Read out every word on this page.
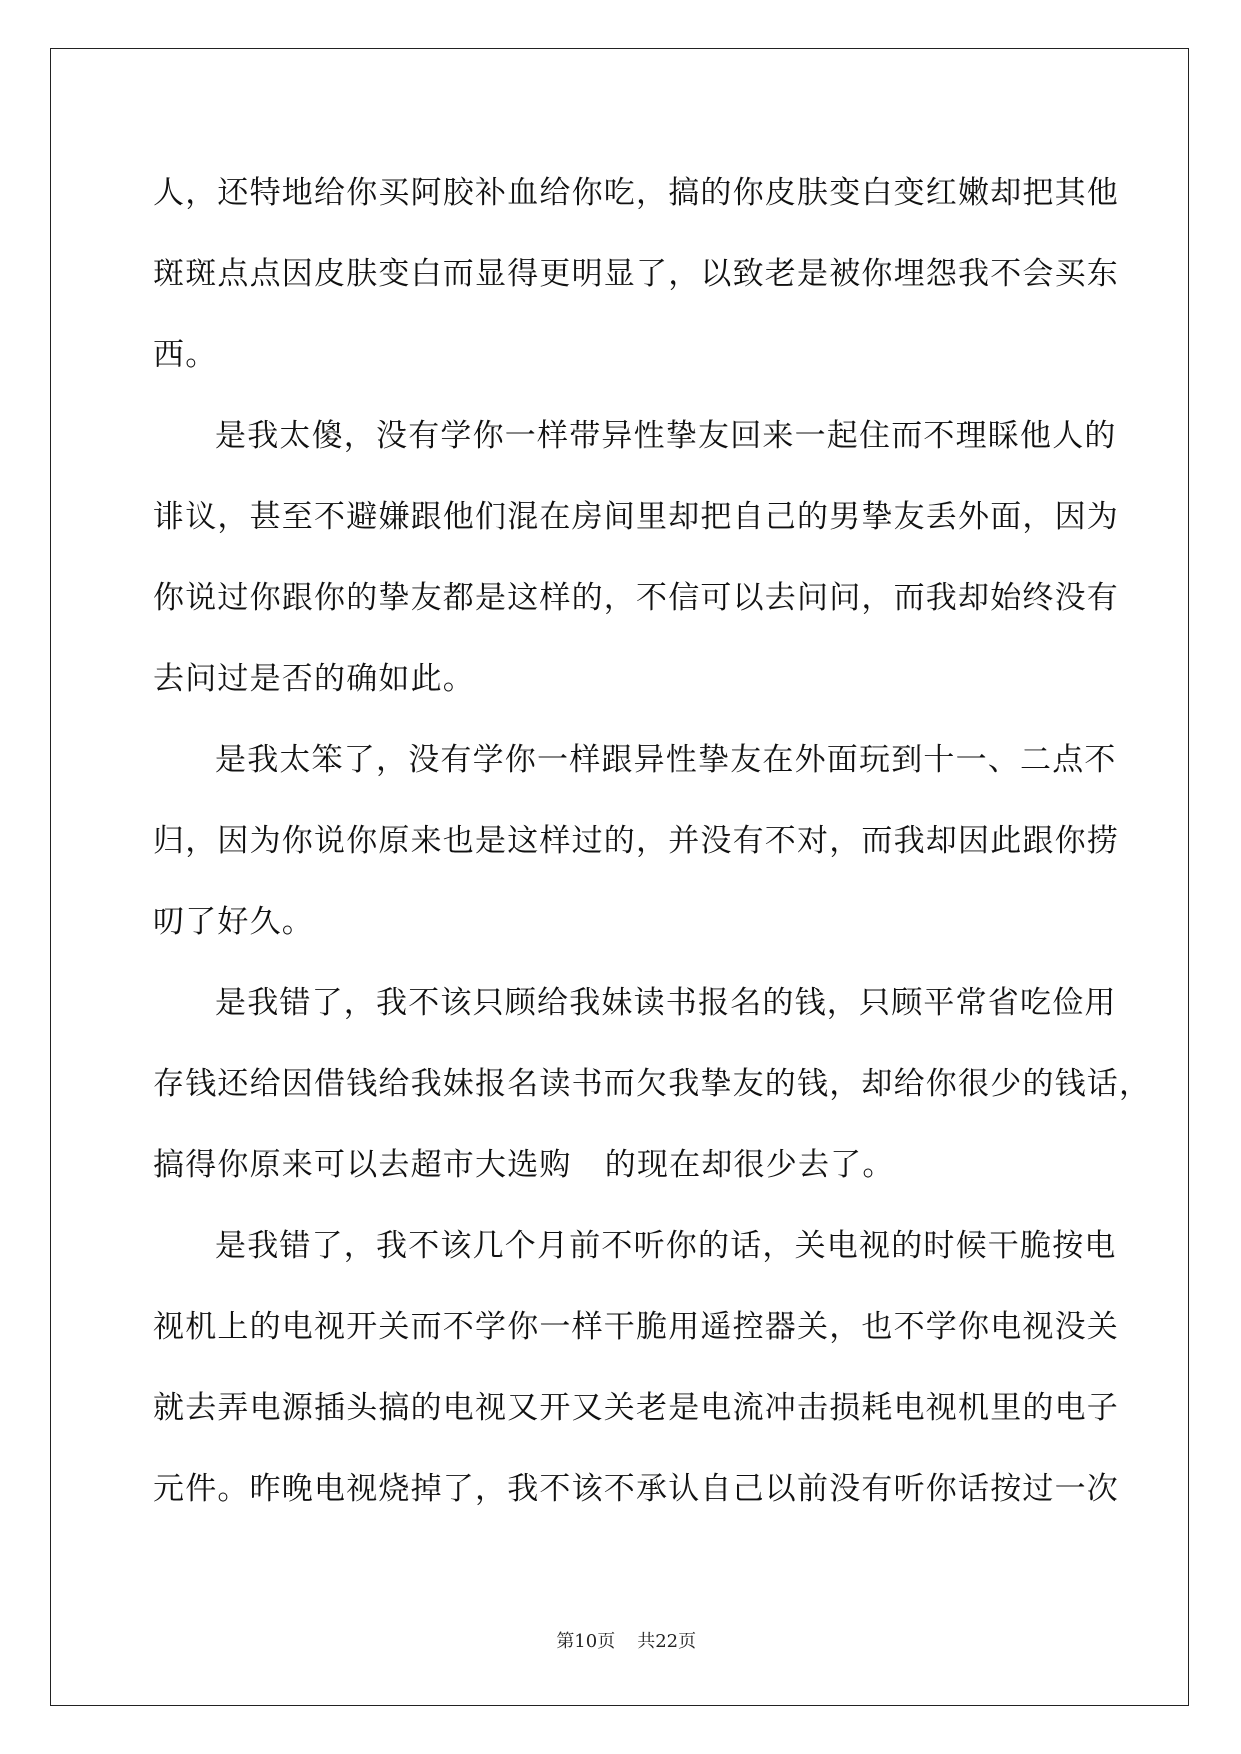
人，还特地给你买阿胶补血给你吃，搞的你皮肤变白变红嫩却把其他
斑斑点点因皮肤变白而显得更明显了，以致老是被你埋怨我不会买东
西。
是我太傻，没有学你一样带异性挚友回来一起住而不理睬他人的
诽议，甚至不避嫌跟他们混在房间里却把自己的男挚友丢外面，因为
你说过你跟你的挚友都是这样的，不信可以去问问，而我却始终没有
去问过是否的确如此。
是我太笨了，没有学你一样跟异性挚友在外面玩到十一、二点不
归，因为你说你原来也是这样过的，并没有不对，而我却因此跟你捞
叨了好久。
是我错了，我不该只顾给我妹读书报名的钱，只顾平常省吃俭用
存钱还给因借钱给我妹报名读书而欠我挚友的钱，却给你很少的钱话，
搞得你原来可以去超市大选购   的现在却很少去了。
是我错了，我不该几个月前不听你的话，关电视的时候干脆按电
视机上的电视开关而不学你一样干脆用遥控器关，也不学你电视没关
就去弄电源插头搞的电视又开又关老是电流冲击损耗电视机里的电子
元件。昨晚电视烧掉了，我不该不承认自己以前没有听你话按过一次

第10页 共22页
